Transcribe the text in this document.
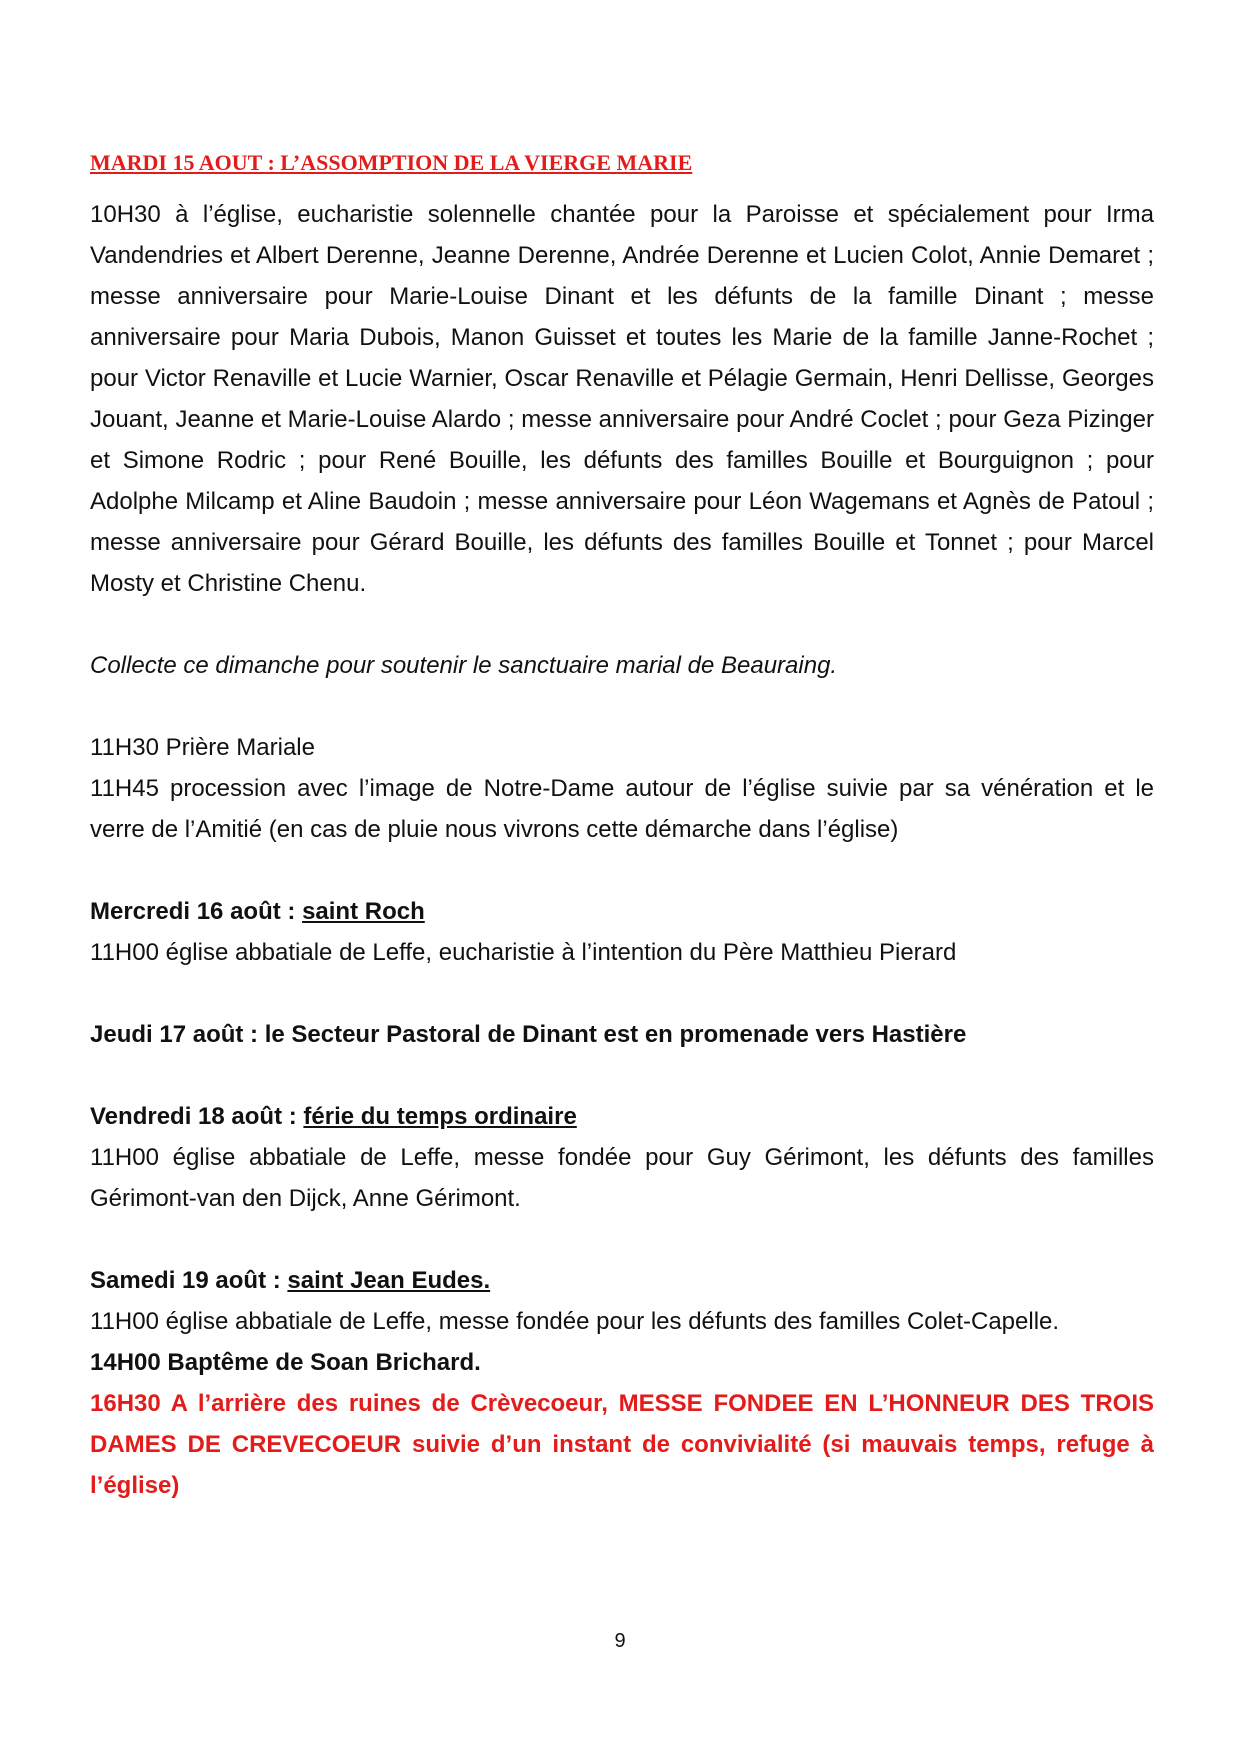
MARDI 15 AOUT : L’ASSOMPTION DE LA VIERGE MARIE

10H30 à l’église, eucharistie solennelle chantée pour la Paroisse et spécialement pour Irma Vandendries et Albert Derenne, Jeanne Derenne, Andrée Derenne et Lucien Colot, Annie Demaret ; messe anniversaire pour Marie-Louise Dinant et les défunts de la famille Dinant ; messe anniversaire pour Maria Dubois, Manon Guisset et toutes les Marie de la famille Janne-Rochet ; pour Victor Renaville et Lucie Warnier, Oscar Renaville et Pélagie Germain, Henri Dellisse, Georges Jouant, Jeanne et Marie-Louise Alardo ; messe anniversaire pour André Coclet ; pour Geza Pizinger et Simone Rodric ; pour René Bouille, les défunts des familles Bouille et Bourguignon ; pour Adolphe Milcamp et Aline Baudoin ; messe anniversaire pour Léon Wagemans et Agnès de Patoul ; messe anniversaire pour Gérard Bouille, les défunts des familles Bouille et Tonnet ; pour Marcel Mosty et Christine Chenu.

Collecte ce dimanche pour soutenir le sanctuaire marial de Beauraing.

11H30 Prière Mariale

11H45 procession avec l’image de Notre-Dame autour de l’église suivie par sa vénération et le verre de l’Amitié (en cas de pluie nous vivrons cette démarche dans l’église)

Mercredi 16 août : saint Roch

11H00 église abbatiale de Leffe, eucharistie à l’intention du Père Matthieu Pierard

Jeudi 17 août : le Secteur Pastoral de Dinant est en promenade vers Hastière

Vendredi 18 août : férie du temps ordinaire

11H00 église abbatiale de Leffe, messe fondée pour Guy Gérimont, les défunts des familles Gérimont-van den Dijck, Anne Gérimont.

Samedi 19 août : saint Jean Eudes.

11H00 église abbatiale de Leffe, messe fondée pour les défunts des familles Colet-Capelle.

14H00 Baptême de Soan Brichard.

16H30 A l’arrière des ruines de Crèvecoeur, MESSE FONDEE EN L’HONNEUR DES TROIS DAMES DE CREVECOEUR suivie d’un instant de convivialité (si mauvais temps, refuge à l’église)

9
